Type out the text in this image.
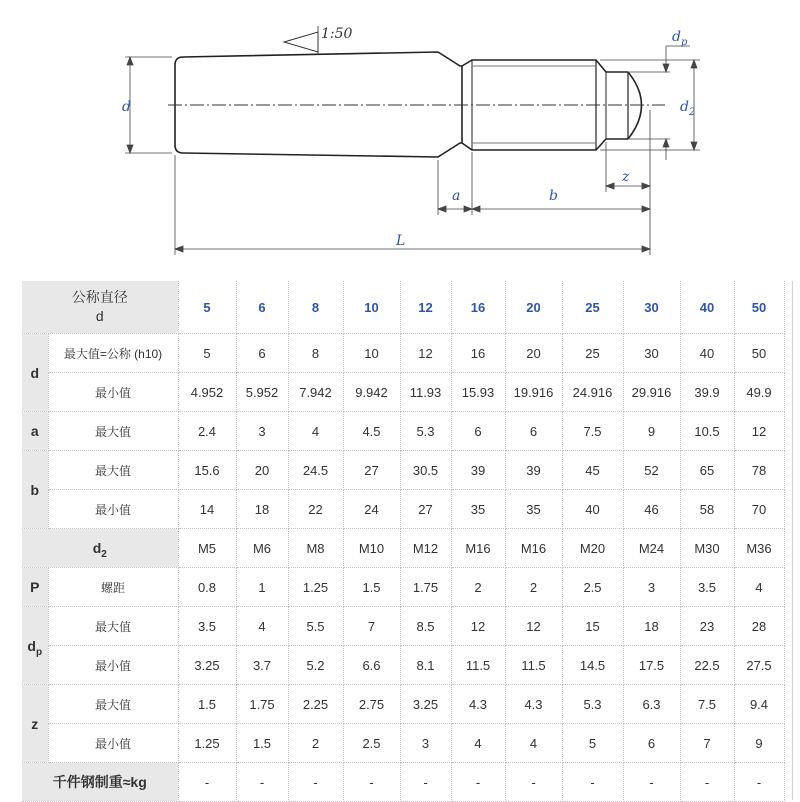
1:50
d
$d_p$
$d_2$
a	b
z
L
公称直径
d		5	6	8	10	12	16	20	25	30	40	50
d	最大值=公称 (h10)	5	6	8	10	12	16	20	25	30	40	50
	最小值	4.952	5.952	7.942	9.942	11.93	15.93	19.916	24.916	29.916	39.9	49.9
a	最大值	2.4	3	4	4.5	5.3	6	6	7.5	9	10.5	12
b	最大值	15.6	20	24.5	27	30.5	39	39	45	52	65	78
	最小值	14	18	22	24	27	35	35	40	46	58	70
$d_2$		M5	M6	M8	M10	M12	M16	M16	M20	M24	M30	M36
P	螺距	0.8	1	1.25	1.5	1.75	2	2	2.5	3	3.5	4
$d_p$	最大值	3.5	4	5.5	7	8.5	12	12	15	18	23	28
	最小值	3.25	3.7	5.2	6.6	8.1	11.5	11.5	14.5	17.5	22.5	27.5
z	最大值	1.5	1.75	2.25	2.75	3.25	4.3	4.3	5.3	6.3	7.5	9.4
	最小值	1.25	1.5	2	2.5	3	4	4	5	6	7	9
千件钢制重≈kg		-	-	-	-	-	-	-	-	-	-	-
